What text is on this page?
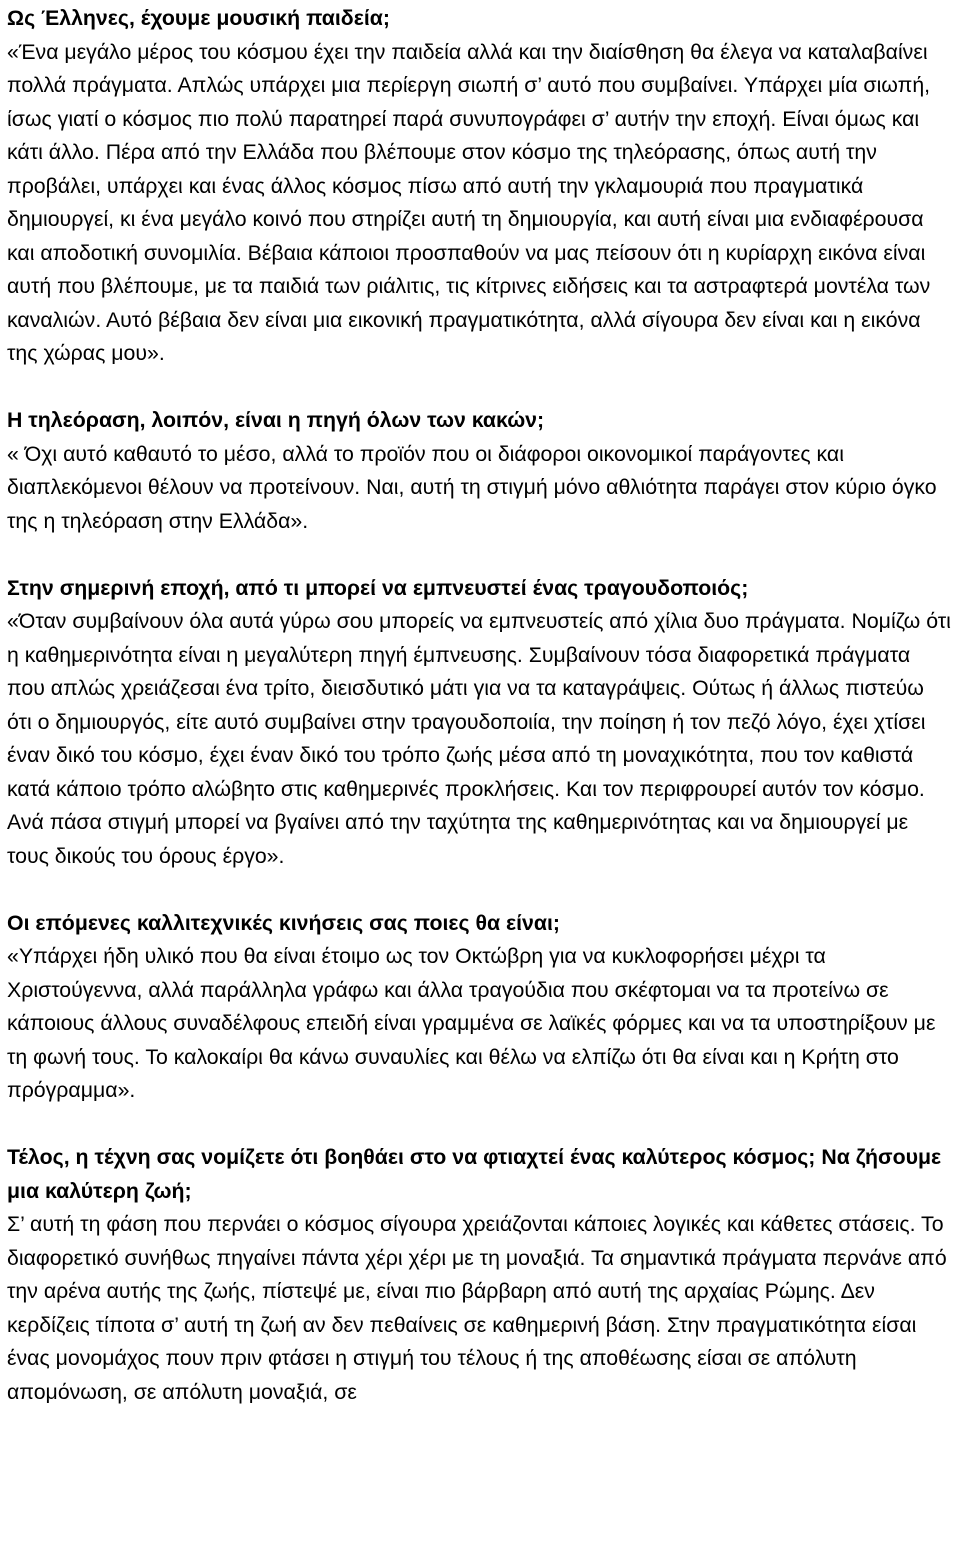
Ως Έλληνες, έχουμε μουσική παιδεία;
«Ένα μεγάλο μέρος του κόσμου έχει την παιδεία αλλά και την διαίσθηση θα έλεγα να καταλαβαίνει πολλά πράγματα. Απλώς υπάρχει μια περίεργη σιωπή σ’ αυτό που συμβαίνει. Υπάρχει μία σιωπή, ίσως γιατί ο κόσμος πιο πολύ παρατηρεί παρά συνυπογράφει σ’ αυτήν την εποχή. Είναι όμως και κάτι άλλο. Πέρα από την Ελλάδα που βλέπουμε στον κόσμο της τηλεόρασης, όπως αυτή την προβάλει, υπάρχει και ένας άλλος κόσμος πίσω από αυτή την γκλαμουριά που πραγματικά δημιουργεί, κι ένα μεγάλο κοινό που στηρίζει αυτή τη δημιουργία, και αυτή είναι μια ενδιαφέρουσα και αποδοτική συνομιλία. Βέβαια κάποιοι προσπαθούν να μας πείσουν ότι η κυρίαρχη εικόνα είναι αυτή που βλέπουμε, με τα παιδιά των ριάλιτις, τις κίτρινες ειδήσεις και τα αστραφτερά μοντέλα των καναλιών. Αυτό βέβαια δεν είναι μια εικονική πραγματικότητα, αλλά σίγουρα δεν είναι και η εικόνα της χώρας μου».
Η τηλεόραση, λοιπόν, είναι η πηγή όλων των κακών;
« Όχι αυτό καθαυτό το μέσο, αλλά το προϊόν που οι διάφοροι οικονομικοί παράγοντες και διαπλεκόμενοι θέλουν να προτείνουν. Ναι, αυτή τη στιγμή μόνο αθλιότητα παράγει στον κύριο όγκο της η τηλεόραση στην Ελλάδα».
Στην σημερινή εποχή, από τι μπορεί να εμπνευστεί ένας τραγουδοποιός;
«Όταν συμβαίνουν όλα αυτά γύρω σου μπορείς να εμπνευστείς από χίλια δυο πράγματα. Νομίζω ότι η καθημερινότητα είναι η μεγαλύτερη πηγή έμπνευσης. Συμβαίνουν τόσα διαφορετικά πράγματα που απλώς χρειάζεσαι ένα τρίτο, διεισδυτικό μάτι για να τα καταγράψεις. Ούτως ή άλλως πιστεύω ότι ο δημιουργός, είτε αυτό συμβαίνει στην τραγουδοποιία, την ποίηση ή τον πεζό λόγο, έχει χτίσει έναν δικό του κόσμο, έχει έναν δικό του τρόπο ζωής μέσα από τη μοναχικότητα, που τον καθιστά κατά κάποιο τρόπο αλώβητο στις καθημερινές προκλήσεις. Και τον περιφρουρεί αυτόν τον κόσμο. Ανά πάσα στιγμή μπορεί να βγαίνει από την ταχύτητα της καθημερινότητας και να δημιουργεί με τους δικούς του όρους έργο».
Οι επόμενες καλλιτεχνικές κινήσεις σας ποιες θα είναι;
«Υπάρχει ήδη υλικό που θα είναι έτοιμο ως τον Οκτώβρη για να κυκλοφορήσει μέχρι τα Χριστούγεννα, αλλά παράλληλα γράφω και άλλα τραγούδια που σκέφτομαι να τα προτείνω σε κάποιους άλλους συναδέλφους επειδή είναι γραμμένα σε λαϊκές φόρμες και να τα υποστηρίξουν με τη φωνή τους. Το καλοκαίρι θα κάνω συναυλίες και θέλω να ελπίζω ότι θα είναι και η Κρήτη στο πρόγραμμα».
Τέλος, η τέχνη σας νομίζετε ότι βοηθάει στο να φτιαχτεί ένας καλύτερος κόσμος; Να ζήσουμε μια καλύτερη ζωή;
Σ’ αυτή τη φάση που περνάει ο κόσμος σίγουρα χρειάζονται κάποιες λογικές και κάθετες στάσεις. Το διαφορετικό συνήθως πηγαίνει πάντα χέρι χέρι με τη μοναξιά. Τα σημαντικά πράγματα περνάνε από την αρένα αυτής της ζωής, πίστεψέ με, είναι πιο βάρβαρη από αυτή της αρχαίας Ρώμης. Δεν κερδίζεις τίποτα σ’ αυτή τη ζωή αν δεν πεθαίνεις σε καθημερινή βάση. Στην πραγματικότητα είσαι ένας μονομάχος πουν πριν φτάσει η στιγμή του τέλους ή της αποθέωσης είσαι σε απόλυτη απομόνωση, σε απόλυτη μοναξιά, σε
